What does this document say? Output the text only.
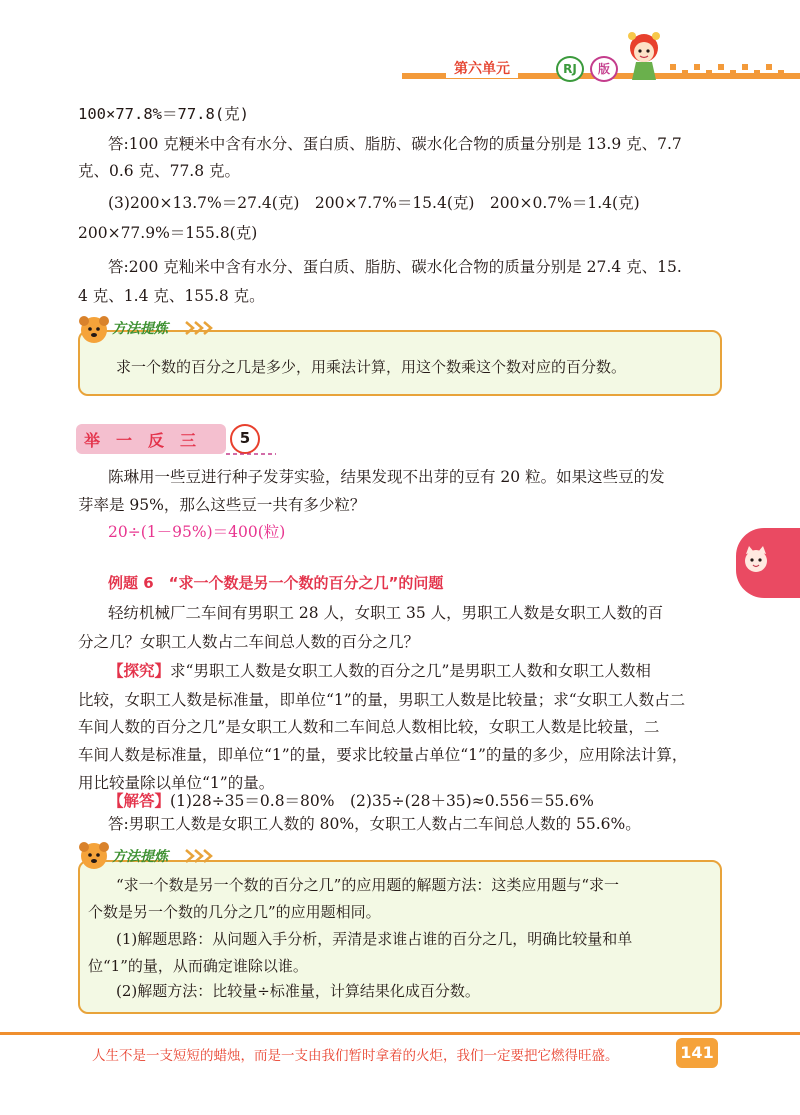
第六单元	RJ	版
100×77.8%＝77.8(克)
答:100 克粳米中含有水分、蛋白质、脂肪、碳水化合物的质量分别是 13.9 克、7.7
克、0.6 克、77.8 克。
(3)200×13.7%＝27.4(克)　200×7.7%＝15.4(克)　200×0.7%＝1.4(克)
200×77.9%＝155.8(克)
答:200 克籼米中含有水分、蛋白质、脂肪、碳水化合物的质量分别是 27.4 克、15.
4 克、1.4 克、155.8 克。
方法提炼
求一个数的百分之几是多少，用乘法计算，用这个数乘这个数对应的百分数。
举一反三 5
陈琳用一些豆进行种子发芽实验，结果发现不出芽的豆有 20 粒。如果这些豆的发
芽率是 95%，那么这些豆一共有多少粒？
20÷(1－95%)＝400(粒)
例题 6　“求一个数是另一个数的百分之几”的问题
轻纺机械厂二车间有男职工 28 人，女职工 35 人，男职工人数是女职工人数的百
分之几？女职工人数占二车间总人数的百分之几？
【探究】求“男职工人数是女职工人数的百分之几”是男职工人数和女职工人数相
比较，女职工人数是标准量，即单位“1”的量，男职工人数是比较量；求“女职工人数占二
车间人数的百分之几”是女职工人数和二车间总人数相比较，女职工人数是比较量，二
车间人数是标准量，即单位“1”的量，要求比较量占单位“1”的量的多少，应用除法计算，
用比较量除以单位“1”的量。
【解答】(1)28÷35＝0.8＝80%　(2)35÷(28＋35)≈0.556＝55.6%
答:男职工人数是女职工人数的 80%，女职工人数占二车间总人数的 55.6%。
方法提炼
“求一个数是另一个数的百分之几”的应用题的解题方法：这类应用题与“求一
个数是另一个数的几分之几”的应用题相同。
(1)解题思路：从问题入手分析，弄清是求谁占谁的百分之几，明确比较量和单
位“1”的量，从而确定谁除以谁。
(2)解题方法：比较量÷标准量，计算结果化成百分数。
人生不是一支短短的蜡烛，而是一支由我们暂时拿着的火炬，我们一定要把它燃得旺盛。	141
